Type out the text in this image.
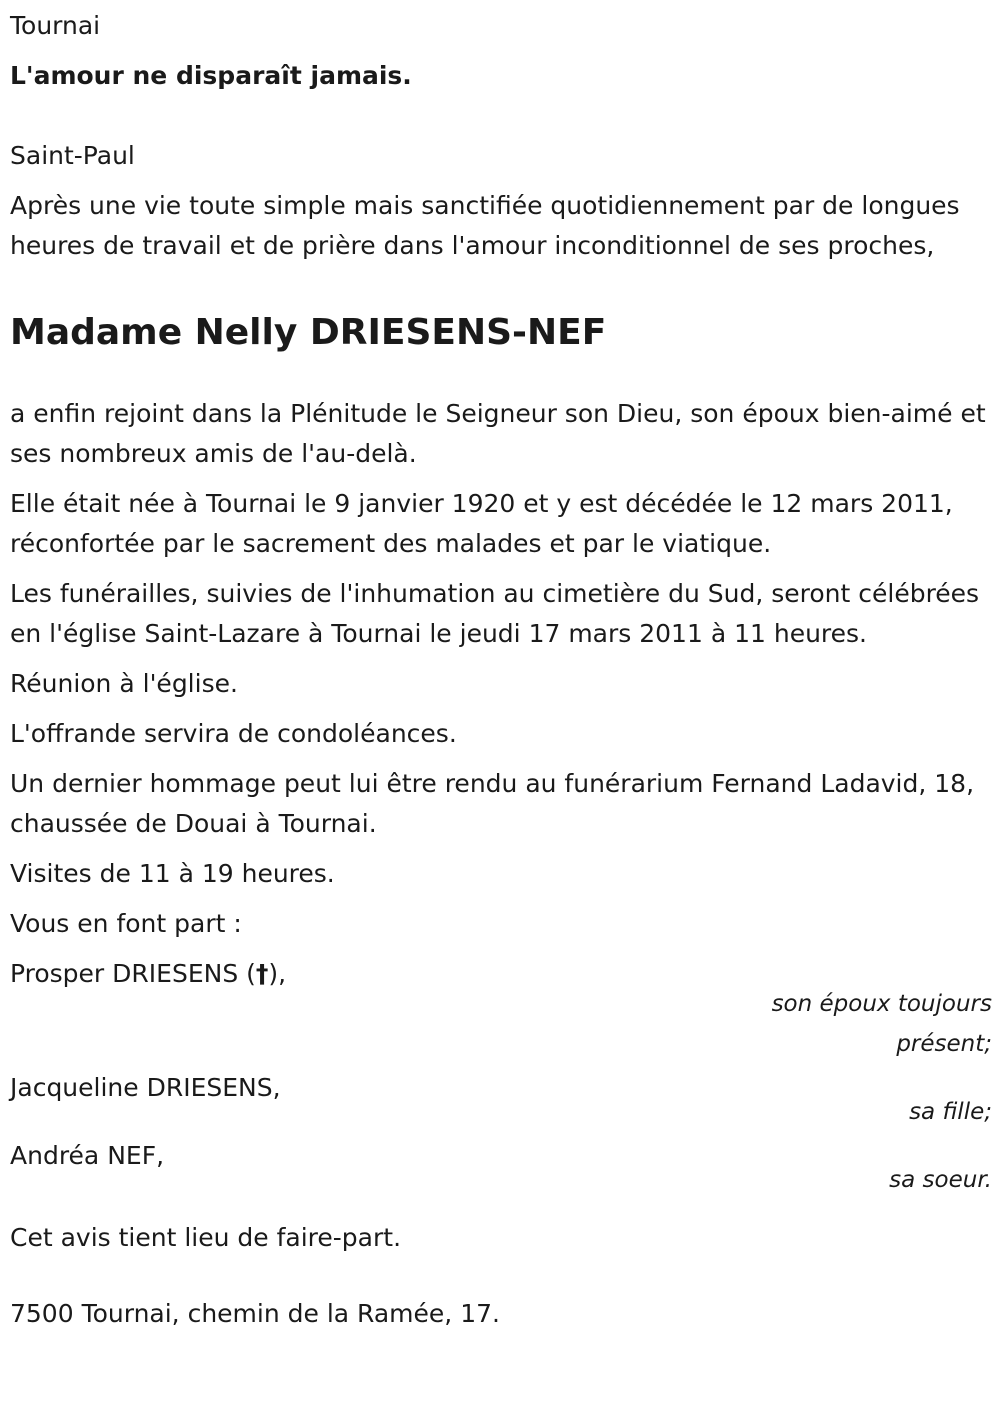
Tournai

L'amour ne disparaît jamais.

Saint-Paul

Après une vie toute simple mais sanctifiée quotidiennement par de longues heures de travail et de prière dans l'amour inconditionnel de ses proches,

Madame Nelly DRIESENS-NEF

a enfin rejoint dans la Plénitude le Seigneur son Dieu, son époux bien-aimé et ses nombreux amis de l'au-delà.

Elle était née à Tournai le 9 janvier 1920 et y est décédée le 12 mars 2011, réconfortée par le sacrement des malades et par le viatique.

Les funérailles, suivies de l'inhumation au cimetière du Sud, seront célébrées en l'église Saint-Lazare à Tournai le jeudi 17 mars 2011 à 11 heures.

Réunion à l'église.

L'offrande servira de condoléances.

Un dernier hommage peut lui être rendu au funérarium Fernand Ladavid, 18, chaussée de Douai à Tournai.

Visites de 11 à 19 heures.

Vous en font part :

Prosper DRIESENS (†),

son époux toujours présent;

Jacqueline DRIESENS,

sa fille;

Andréa NEF,

sa soeur.

Cet avis tient lieu de faire-part.

7500 Tournai, chemin de la Ramée, 17.
